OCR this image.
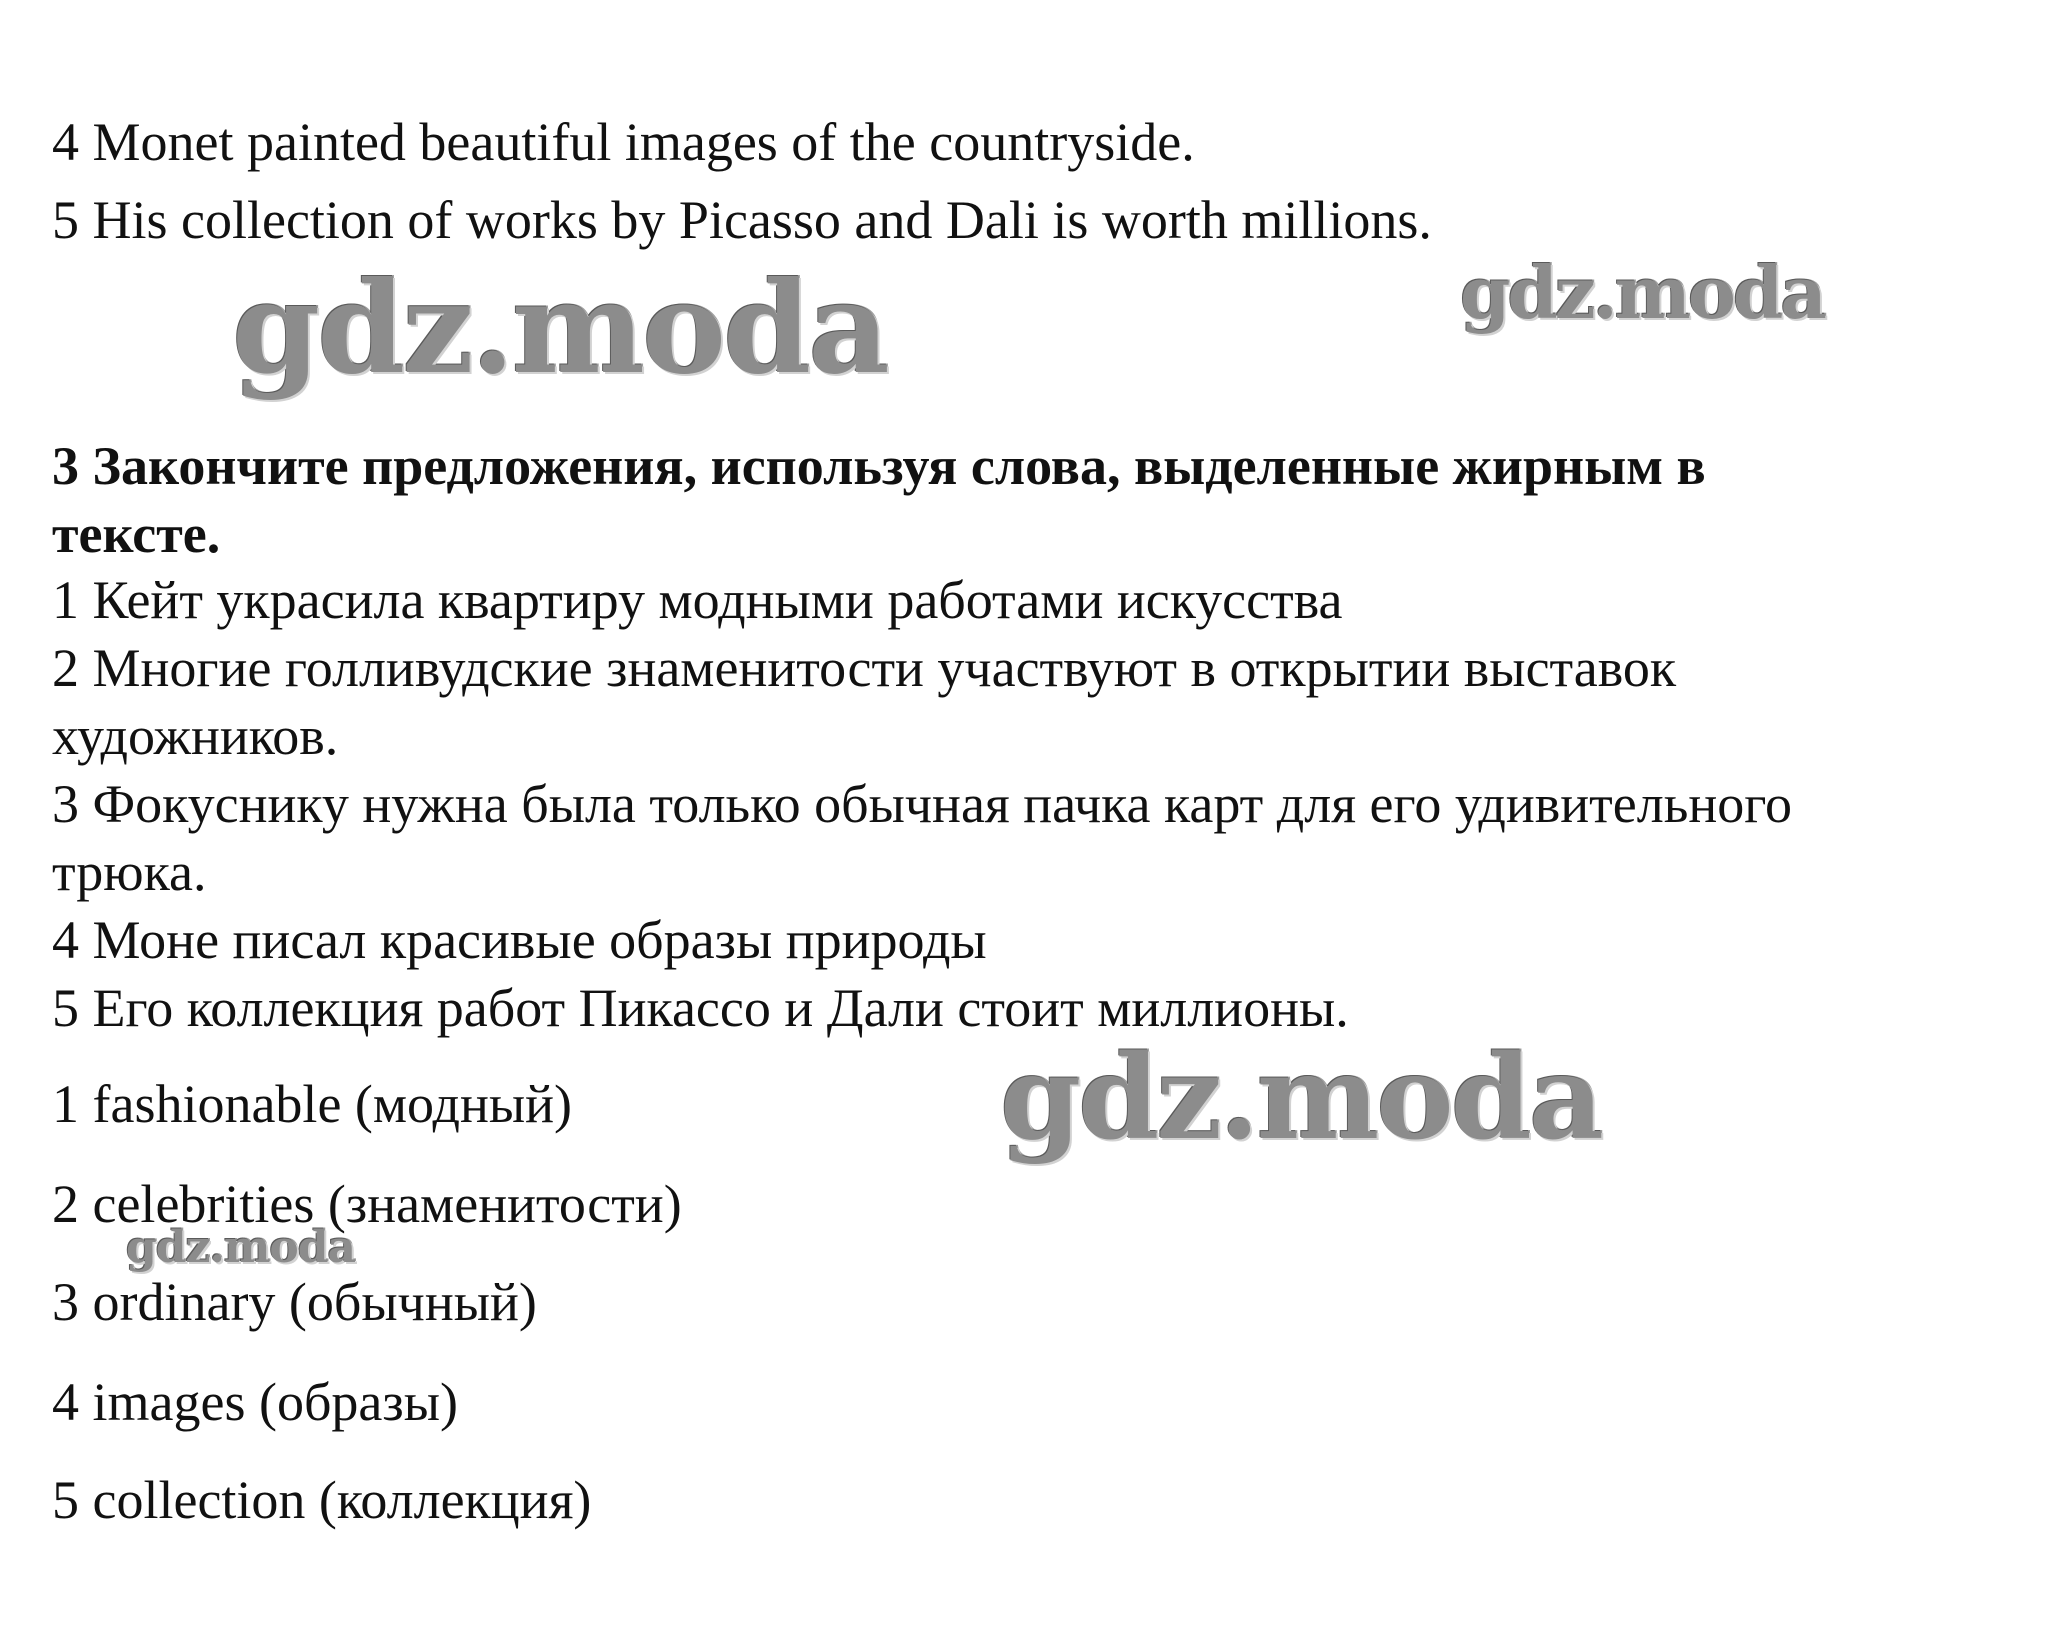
4 Monet painted beautiful images of the countryside.

5 His collection of works by Picasso and Dali is worth millions.

gdz.moda	gdz.moda

3 Закончите предложения, используя слова, выделенные жирным в

тексте.

1 Кейт украсила квартиру модными работами искусства

2 Многие голливудские знаменитости участвуют в открытии выставок

художников.

3 Фокуснику нужна была только обычная пачка карт для его удивительного

трюка.

4 Моне писал красивые образы природы

5 Его коллекция работ Пикассо и Дали стоит миллионы.

gdz.moda

1 fashionable (модный)

2 celebrities (знаменитости)

gdz.moda

3 ordinary (обычный)

4 images (образы)

5 collection (коллекция)
